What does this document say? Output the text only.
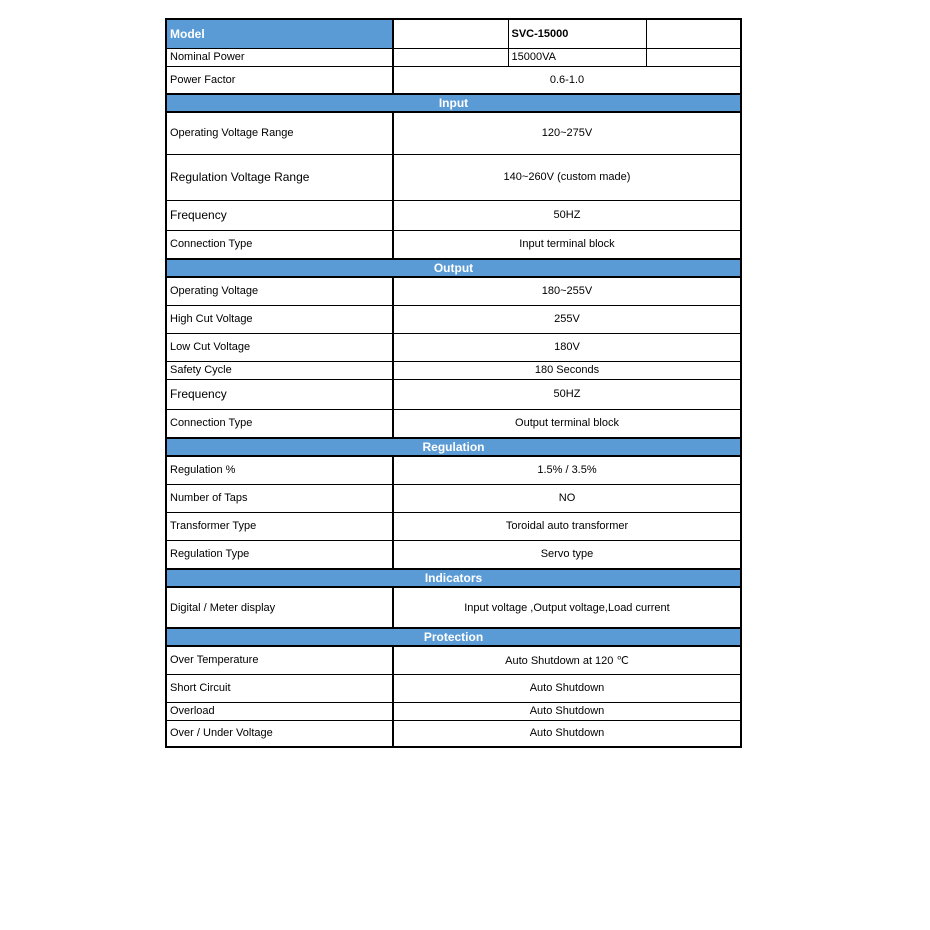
Model		SVC-15000	
Nominal Power		15000VA	
Power Factor	0.6-1.0		
Input			
Operating Voltage Range	120~275V		
Regulation Voltage Range	140~260V (custom made)		
Frequency	50HZ		
Connection Type	Input terminal block		
Output			
Operating Voltage	180~255V		
High Cut Voltage	255V		
Low Cut Voltage	180V		
Safety Cycle	180 Seconds		
Frequency	50HZ		
Connection Type	Output terminal block		
Regulation			
Regulation %	1.5% / 3.5%		
Number of Taps	NO		
Transformer Type	Toroidal auto transformer		
Regulation Type	Servo type		
Indicators			
Digital / Meter display	Input voltage ,Output voltage,Load current		
Protection			
Over Temperature	Auto Shutdown at 120 ℃		
Short Circuit	Auto Shutdown		
Overload	Auto Shutdown		
Over / Under Voltage	Auto Shutdown		
